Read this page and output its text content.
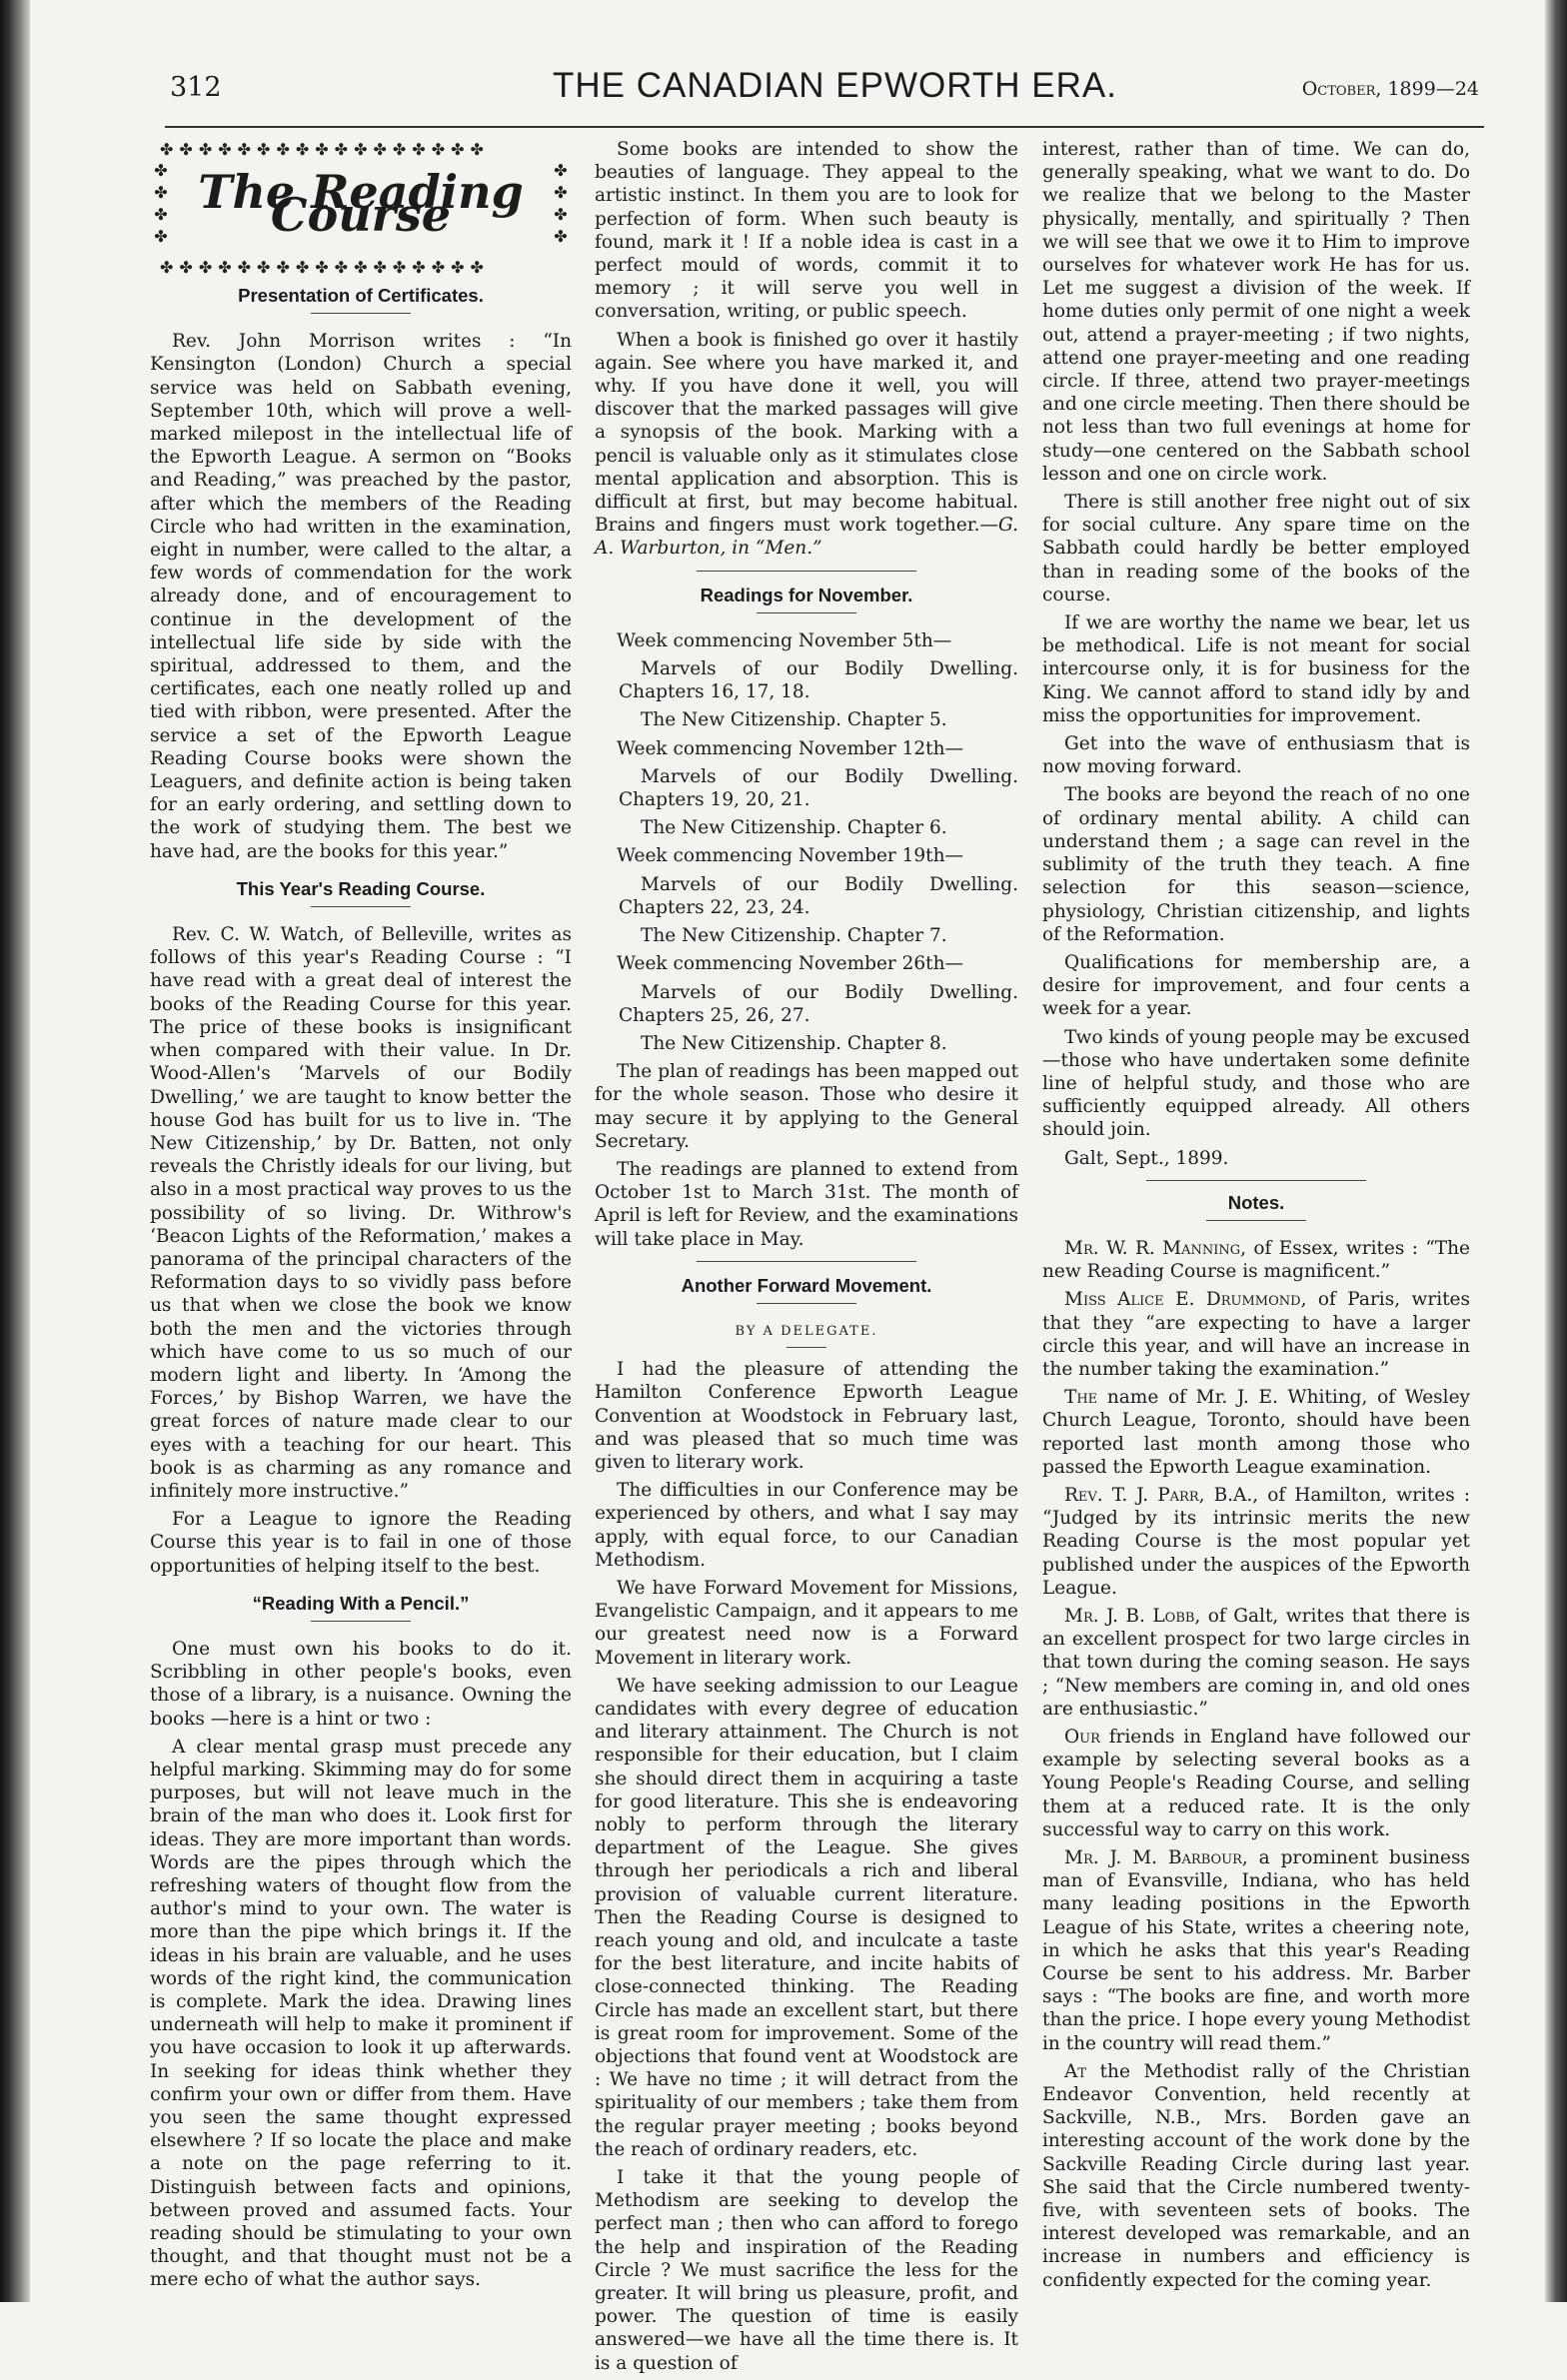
312	THE CANADIAN EPWORTH ERA.	October, 1899—24
✤✤✤✤✤✤✤✤✤✤✤✤✤✤✤✤✤
✤✤✤✤✤✤✤✤✤✤✤✤✤✤✤✤✤
✤
✤
✤
✤
✤
✤
✤
✤
The Reading Course
Presentation of Certificates.

Rev. John Morrison writes : “In Kensington (London) Church a special service was held on Sabbath evening, September 10th, which will prove a well-marked milepost in the intellectual life of the Epworth League. A sermon on “Books and Reading,” was preached by the pastor, after which the members of the Reading Circle who had written in the examination, eight in number, were called to the altar, a few words of commendation for the work already done, and of encouragement to continue in the development of the intellectual life side by side with the spiritual, addressed to them, and the certificates, each one neatly rolled up and tied with ribbon, were presented. After the service a set of the Epworth League Reading Course books were shown the Leaguers, and definite action is being taken for an early ordering, and settling down to the work of studying them. The best we have had, are the books for this year.”

This Year's Reading Course.

Rev. C. W. Watch, of Belleville, writes as follows of this year's Reading Course : “I have read with a great deal of interest the books of the Reading Course for this year. The price of these books is insignificant when compared with their value. In Dr. Wood-Allen's ‘Marvels of our Bodily Dwelling,’ we are taught to know better the house God has built for us to live in. ‘The New Citizenship,’ by Dr. Batten, not only reveals the Christly ideals for our living, but also in a most practical way proves to us the possibility of so living. Dr. Withrow's ‘Beacon Lights of the Reformation,’ makes a panorama of the principal characters of the Reformation days to so vividly pass before us that when we close the book we know both the men and the victories through which have come to us so much of our modern light and liberty. In ‘Among the Forces,’ by Bishop Warren, we have the great forces of nature made clear to our eyes with a teaching for our heart. This book is as charming as any romance and infinitely more instructive.”

For a League to ignore the Reading Course this year is to fail in one of those opportunities of helping itself to the best.

“Reading With a Pencil.”

One must own his books to do it. Scribbling in other people's books, even those of a library, is a nuisance. Owning the books —here is a hint or two :

A clear mental grasp must precede any helpful marking. Skimming may do for some purposes, but will not leave much in the brain of the man who does it. Look first for ideas. They are more important than words. Words are the pipes through which the refreshing waters of thought flow from the author's mind to your own. The water is more than the pipe which brings it. If the ideas in his brain are valuable, and he uses words of the right kind, the communication is complete. Mark the idea. Drawing lines underneath will help to make it prominent if you have occasion to look it up afterwards. In seeking for ideas think whether they confirm your own or differ from them. Have you seen the same thought expressed elsewhere ? If so locate the place and make a note on the page referring to it. Distinguish between facts and opinions, between proved and assumed facts. Your reading should be stimulating to your own thought, and that thought must not be a mere echo of what the author says.

Some books are intended to show the beauties of language. They appeal to the artistic instinct. In them you are to look for perfection of form. When such beauty is found, mark it ! If a noble idea is cast in a perfect mould of words, commit it to memory ; it will serve you well in conversation, writing, or public speech.

When a book is finished go over it hastily again. See where you have marked it, and why. If you have done it well, you will discover that the marked passages will give a synopsis of the book. Marking with a pencil is valuable only as it stimulates close mental application and absorption. This is difficult at first, but may become habitual. Brains and fingers must work together.—G. A. Warburton, in “Men.”

Readings for November.

Week commencing November 5th—

Marvels of our Bodily Dwelling. Chapters 16, 17, 18.

The New Citizenship. Chapter 5.

Week commencing November 12th—

Marvels of our Bodily Dwelling. Chapters 19, 20, 21.

The New Citizenship. Chapter 6.

Week commencing November 19th—

Marvels of our Bodily Dwelling. Chapters 22, 23, 24.

The New Citizenship. Chapter 7.

Week commencing November 26th—

Marvels of our Bodily Dwelling. Chapters 25, 26, 27.

The New Citizenship. Chapter 8.

The plan of readings has been mapped out for the whole season. Those who desire it may secure it by applying to the General Secretary.

The readings are planned to extend from October 1st to March 31st. The month of April is left for Review, and the examinations will take place in May.

Another Forward Movement.
BY A DELEGATE.

I had the pleasure of attending the Hamilton Conference Epworth League Convention at Woodstock in February last, and was pleased that so much time was given to literary work.

The difficulties in our Conference may be experienced by others, and what I say may apply, with equal force, to our Canadian Methodism.

We have Forward Movement for Missions, Evangelistic Campaign, and it appears to me our greatest need now is a Forward Movement in literary work.

We have seeking admission to our League candidates with every degree of education and literary attainment. The Church is not responsible for their education, but I claim she should direct them in acquiring a taste for good literature. This she is endeavoring nobly to perform through the literary department of the League. She gives through her periodicals a rich and liberal provision of valuable current literature. Then the Reading Course is designed to reach young and old, and inculcate a taste for the best literature, and incite habits of close-connected thinking. The Reading Circle has made an excellent start, but there is great room for improvement. Some of the objections that found vent at Woodstock are : We have no time ; it will detract from the spirituality of our members ; take them from the regular prayer meeting ; books beyond the reach of ordinary readers, etc.

I take it that the young people of Methodism are seeking to develop the perfect man ; then who can afford to forego the help and inspiration of the Reading Circle ? We must sacrifice the less for the greater. It will bring us pleasure, profit, and power. The question of time is easily answered—we have all the time there is. It is a question of

interest, rather than of time. We can do, generally speaking, what we want to do. Do we realize that we belong to the Master physically, mentally, and spiritually ? Then we will see that we owe it to Him to improve ourselves for whatever work He has for us. Let me suggest a division of the week. If home duties only permit of one night a week out, attend a prayer-meeting ; if two nights, attend one prayer-meeting and one reading circle. If three, attend two prayer-meetings and one circle meeting. Then there should be not less than two full evenings at home for study—one centered on the Sabbath school lesson and one on circle work.

There is still another free night out of six for social culture. Any spare time on the Sabbath could hardly be better employed than in reading some of the books of the course.

If we are worthy the name we bear, let us be methodical. Life is not meant for social intercourse only, it is for business for the King. We cannot afford to stand idly by and miss the opportunities for improvement.

Get into the wave of enthusiasm that is now moving forward.

The books are beyond the reach of no one of ordinary mental ability. A child can understand them ; a sage can revel in the sublimity of the truth they teach. A fine selection for this season—science, physiology, Christian citizenship, and lights of the Reformation.

Qualifications for membership are, a desire for improvement, and four cents a week for a year.

Two kinds of young people may be excused —those who have undertaken some definite line of helpful study, and those who are sufficiently equipped already. All others should join.

Galt, Sept., 1899.

Notes.

Mr. W. R. Manning, of Essex, writes : “The new Reading Course is magnificent.”

Miss Alice E. Drummond, of Paris, writes that they “are expecting to have a larger circle this year, and will have an increase in the number taking the examination.”

The name of Mr. J. E. Whiting, of Wesley Church League, Toronto, should have been reported last month among those who passed the Epworth League examination.

Rev. T. J. Parr, B.A., of Hamilton, writes : “Judged by its intrinsic merits the new Reading Course is the most popular yet published under the auspices of the Epworth League.

Mr. J. B. Lobb, of Galt, writes that there is an excellent prospect for two large circles in that town during the coming season. He says ; “New members are coming in, and old ones are enthusiastic.”

Our friends in England have followed our example by selecting several books as a Young People's Reading Course, and selling them at a reduced rate. It is the only successful way to carry on this work.

Mr. J. M. Barbour, a prominent business man of Evansville, Indiana, who has held many leading positions in the Epworth League of his State, writes a cheering note, in which he asks that this year's Reading Course be sent to his address. Mr. Barber says : “The books are fine, and worth more than the price. I hope every young Methodist in the country will read them.”

At the Methodist rally of the Christian Endeavor Convention, held recently at Sackville, N.B., Mrs. Borden gave an interesting account of the work done by the Sackville Reading Circle during last year. She said that the Circle numbered twenty-five, with seventeen sets of books. The interest developed was remarkable, and an increase in numbers and efficiency is confidently expected for the coming year.
